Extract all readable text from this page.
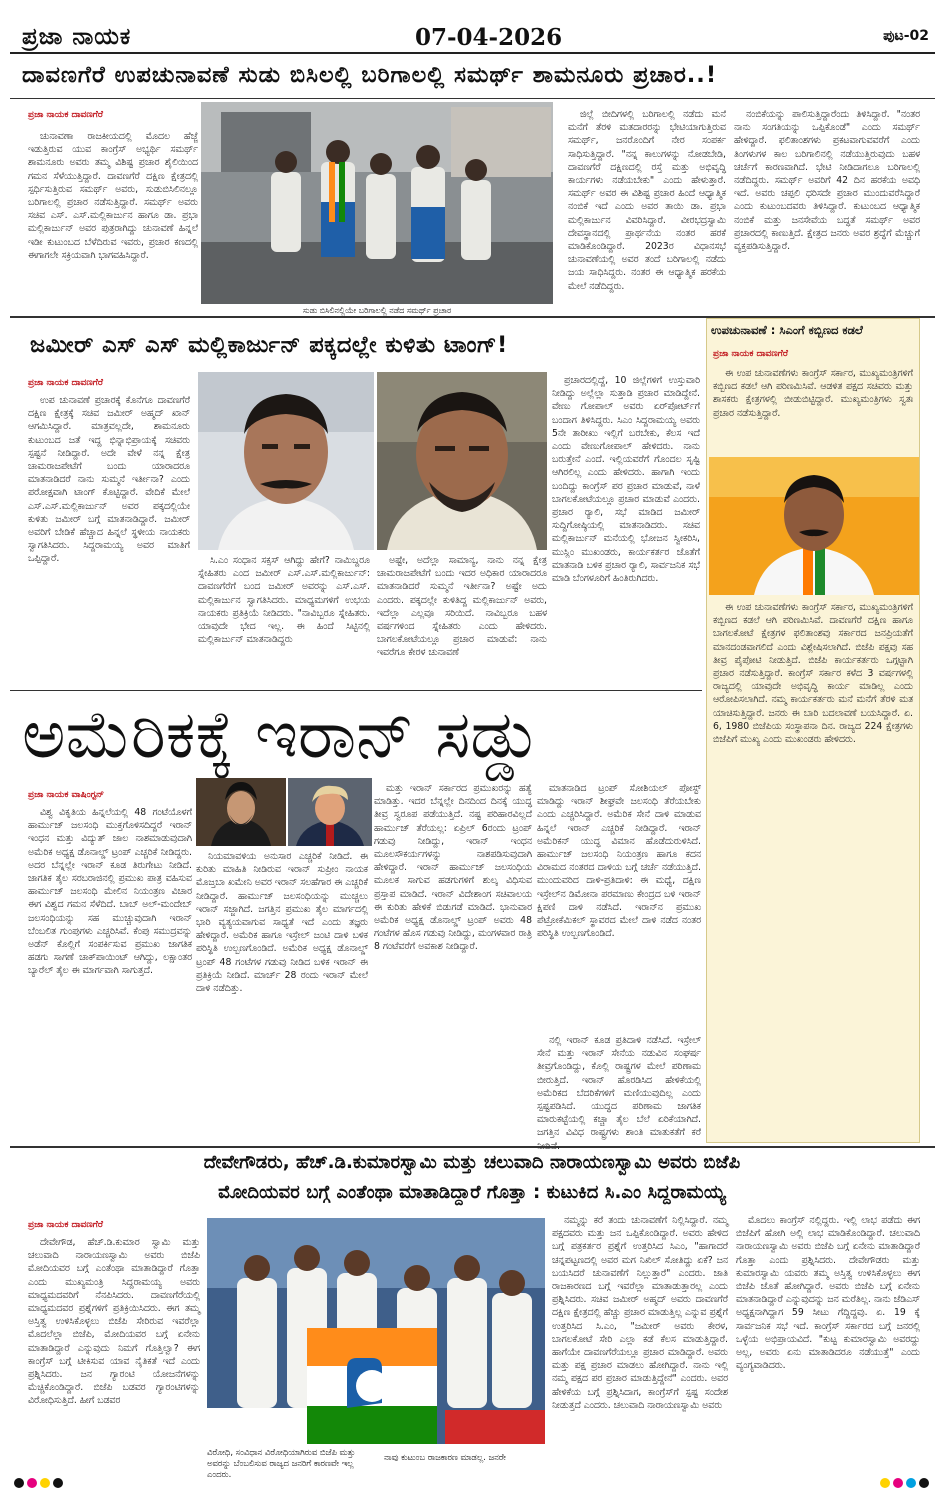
ಪ್ರಜಾ ನಾಯಕ	07-04-2026	ಪುಟ-02
ದಾವಣಗೆರೆ ಉಪಚುನಾವಣೆ ಸುಡು ಬಿಸಿಲಲ್ಲಿ ಬರಿಗಾಲಲ್ಲಿ ಸಮರ್ಥ್ ಶಾಮನೂರು ಪ್ರಚಾರ..!
ಪ್ರಜಾ ನಾಯಕ ದಾವಣಗೆರೆ

ಚುನಾವಣಾ ರಾಜಕೀಯದಲ್ಲಿ ಮೊದಲ ಹೆಜ್ಜೆ ಇಡುತ್ತಿರುವ ಯುವ ಕಾಂಗ್ರೆಸ್ ಅಭ್ಯರ್ಥಿ ಸಮರ್ಥ್ ಶಾಮನೂರು ಅವರು ತಮ್ಮ ವಿಶಿಷ್ಟ ಪ್ರಚಾರ ಶೈಲಿಯಿಂದ ಗಮನ ಸೆಳೆಯುತ್ತಿದ್ದಾರೆ. ದಾವಣಗೆರೆ ದಕ್ಷಿಣ ಕ್ಷೇತ್ರದಲ್ಲಿ ಸ್ಪರ್ಧಿಸುತ್ತಿರುವ ಸಮರ್ಥ್ ಅವರು, ಸುಡುಬಿಸಿಲಿನಲ್ಲೂ ಬರಿಗಾಲಲ್ಲಿ ಪ್ರಚಾರ ನಡೆಸುತ್ತಿದ್ದಾರೆ. ಸಮರ್ಥ್ ಅವರು ಸಚಿವ ಎಸ್. ಎಸ್.ಮಲ್ಲಿಕಾರ್ಜುನ ಹಾಗೂ ಡಾ. ಪ್ರಭಾ ಮಲ್ಲಿಕಾರ್ಜುನ್ ಅವರ ಪುತ್ರರಾಗಿದ್ದು ಚುನಾವಣೆ ಹಿನ್ನಲೆ ಇಡೀ ಕುಟುಂಬದ ಬೆಳೆದಿರುವ ಇವರು, ಪ್ರಚಾರ ಕಣದಲ್ಲಿ ಈಗಾಗಲೇ ಸಕ್ರಿಯವಾಗಿ ಭಾಗವಹಿಸಿದ್ದಾರೆ.

ಸುಡು ಬಿಸಿಲಿನಲ್ಲಿಯೇ ಬರಿಗಾಲಲ್ಲಿ ನಡೆದ ಸಮರ್ಥ್ ಪ್ರಚಾರ

ಜಿಲ್ಲೆ ಬೀದಿಗಳಲ್ಲಿ ಬರಿಗಾಲಲ್ಲಿ ನಡೆದು ಮನೆ ಮನೆಗೆ ತೆರಳಿ ಮತದಾರರನ್ನು ಭೇಟಿಯಾಗುತ್ತಿರುವ ಸಮರ್ಥ್, ಜನರೊಂದಿಗೆ ನೇರ ಸಂಪರ್ಕ ಸಾಧಿಸುತ್ತಿದ್ದಾರೆ. "ನನ್ನ ಕಾಲುಗಳನ್ನು ನೋಡಬೇಡಿ, ದಾವಣಗೆರೆ ದಕ್ಷಿಣದಲ್ಲಿ ರಸ್ತೆ ಮತ್ತು ಅಭಿವೃದ್ಧಿ ಕಾರ್ಯಗಳು ನಡೆಯಬೇಕು" ಎಂದು ಹೇಳುತ್ತಾರೆ. ಸಮರ್ಥ್ ಅವರ ಈ ವಿಶಿಷ್ಟ ಪ್ರಚಾರ ಹಿಂದೆ ಆಧ್ಯಾತ್ಮಿಕ ನಂಬಿಕೆ ಇದೆ ಎಂದು ಅವರ ತಾಯಿ ಡಾ. ಪ್ರಭಾ ಮಲ್ಲಿಕಾರ್ಜುನ ವಿವರಿಸಿದ್ದಾರೆ. ವೀರಭದ್ರಸ್ವಾಮಿ ದೇವಸ್ಥಾನದಲ್ಲಿ ಪ್ರಾರ್ಥನೆಯ ನಂತರ ಹರಕೆ ಮಾಡಿಕೊಂಡಿದ್ದಾರೆ. 2023ರ ವಿಧಾನಸಭೆ ಚುನಾವಣೆಯಲ್ಲಿ ಅವರ ತಂದೆ ಬರಿಗಾಲಲ್ಲಿ ನಡೆದು ಜಯ ಸಾಧಿಸಿದ್ದರು. ನಂತರ ಈ ಆಧ್ಯಾತ್ಮಿಕ ಹರಕೆಯ ಮೇಲೆ ನಡೆದಿದ್ದರು.

ನಂಬಿಕೆಯನ್ನು ಪಾಲಿಸುತ್ತಿದ್ದಾರೆಂದು ತಿಳಿಸಿದ್ದಾರೆ. "ನಂತರ ನಾನು ಸಂಗತಿಯನ್ನು ಒಪ್ಪಿಕೊಂಡೆ" ಎಂದು ಸಮರ್ಥ್ ಹೇಳಿದ್ದಾರೆ. ಫಲಿತಾಂಶಗಳು ಪ್ರಕಟವಾಗುವವರೆಗೆ ಎಂದು ತಿಂಗಳುಗಳ ಕಾಲ ಬರಿಗಾಲಿನಲ್ಲಿ ನಡೆಯುತ್ತಿರುವುದು ಬಹಳ ಚರ್ಚೆಗೆ ಕಾರಣವಾಗಿದೆ. ಭೇಟಿ ನೀಡಿದಾಗಲೂ ಬರಿಗಾಲಲ್ಲಿ ನಡೆದಿದ್ದರು. ಸಮರ್ಥ್ ಅವರಿಗೆ 42 ದಿನ ಹರಕೆಯ ಅವಧಿ ಇದೆ. ಅವರು ಚಪ್ಪಲಿ ಧರಿಸದೇ ಪ್ರಚಾರ ಮುಂದುವರೆಸಿದ್ದಾರೆ ಎಂದು ಕುಟುಂಬದವರು ತಿಳಿಸಿದ್ದಾರೆ. ಕುಟುಂಬದ ಆಧ್ಯಾತ್ಮಿಕ ನಂಬಿಕೆ ಮತ್ತು ಜನಸೇವೆಯ ಬದ್ಧತೆ ಸಮರ್ಥ್ ಅವರ ಪ್ರಚಾರದಲ್ಲಿ ಕಾಣುತ್ತಿದೆ. ಕ್ಷೇತ್ರದ ಜನರು ಅವರ ಶ್ರದ್ಧೆಗೆ ಮೆಚ್ಚುಗೆ ವ್ಯಕ್ತಪಡಿಸುತ್ತಿದ್ದಾರೆ.

ಜಮೀರ್ ಎಸ್ ಎಸ್ ಮಲ್ಲಿಕಾರ್ಜುನ್ ಪಕ್ಕದಲ್ಲೇ ಕುಳಿತು ಟಾಂಗ್!
ಪ್ರಜಾ ನಾಯಕ ದಾವಣಗೆರೆ

ಉಪ ಚುನಾವಣೆ ಪ್ರಚಾರಕ್ಕೆ ಕೊನೆಗೂ ದಾವಣಗೆರೆ ದಕ್ಷಿಣ ಕ್ಷೇತ್ರಕ್ಕೆ ಸಚಿವ ಜಮೀರ್ ಅಹ್ಮದ್ ಖಾನ್ ಆಗಮಿಸಿದ್ದಾರೆ. ಮಾತ್ರವಲ್ಲದೇ, ಶಾಮನೂರು ಕುಟುಂಬದ ಜತೆ ಇದ್ದ ಭಿನ್ನಾಭಿಪ್ರಾಯಕ್ಕೆ ಸಚಿವರು ಸ್ಪಷ್ಟನೆ ನೀಡಿದ್ದಾರೆ. ಅದೇ ವೇಳೆ ನನ್ನ ಕ್ಷೇತ್ರ ಚಾಮರಾಜಪೇಟೆಗೆ ಬಂದು ಯಾರಾದರೂ ಮಾತನಾಡಿದರೆ ನಾನು ಸುಮ್ಮನೆ ಇರ್ತೀನಾ? ಎಂದು ಪರೋಕ್ಷವಾಗಿ ಟಾಂಗ್ ಕೊಟ್ಟಿದ್ದಾರೆ. ವೇದಿಕೆ ಮೇಲೆ ಎಸ್.ಎಸ್.ಮಲ್ಲಿಕಾರ್ಜುನ್ ಅವರ ಪಕ್ಕದಲ್ಲಿಯೇ ಕುಳಿತು ಜಮೀರ್ ಬಗ್ಗೆ ಮಾತನಾಡಿದ್ದಾರೆ. ಜಮೀರ್ ಅವರಿಗೆ ಬೇಡಿಕೆ ಹೆಚ್ಚಾದ ಹಿನ್ನಲೆ ಸ್ಥಳೀಯ ನಾಯಕರು ಸ್ವಾಗತಿಸಿದರು. ಸಿದ್ದರಾಮಯ್ಯ ಅವರ ಮಾತಿಗೆ ಒಪ್ಪಿದ್ದಾರೆ.	ಸಿ.ಎಂ ಸಂಧಾನ ಸಕ್ಸಸ್ ಆಗಿದ್ದು ಹೇಗೆ? ನಾಮಿಬ್ದರೂ ಸ್ನೇಹಿತರು ಎಂದ ಜಮೀರ್ ಎಸ್.ಎಸ್.ಮಲ್ಲಿಕಾರ್ಜುನ್: ದಾವಣಗೆರೆಗೆ ಬಂದ ಜಮೀರ್ ಅವರನ್ನು ಎಸ್.ಎಸ್. ಮಲ್ಲಿಕಾರ್ಜುನ ಸ್ವಾಗತಿಸಿದರು. ಮಾಧ್ಯಮಗಳಿಗೆ ಉಭಯ ನಾಯಕರು ಪ್ರತಿಕ್ರಿಯೆ ನೀಡಿದರು. "ನಾವಿಬ್ಬರೂ ಸ್ನೇಹಿತರು. ಯಾವುದೇ ಭೇದ ಇಲ್ಲ. ಈ ಹಿಂದೆ ಸಿಟ್ಟಿನಲ್ಲಿ ಮಲ್ಲಿಕಾರ್ಜುನ್ ಮಾತನಾಡಿದ್ದರು

ಅಷ್ಟೇ, ಅದೆಲ್ಲಾ ಸಾಮಾನ್ಯ, ನಾನು ನನ್ನ ಕ್ಷೇತ್ರ ಚಾಮರಾಜಪೇಟೆಗೆ ಬಂದು ಇದರ ಅಧಿಕಾರ ಯಾರಾದರೂ ಮಾತನಾಡಿದರೆ ಸುಮ್ಮನೆ ಇರ್ತೀನಾ? ಅಷ್ಟೇ ಅದು ಎಂದರು. ಪಕ್ಕದಲ್ಲೇ ಕುಳಿತಿದ್ದ ಮಲ್ಲಿಕಾರ್ಜುನ್ ಅವರು, ಇದೆಲ್ಲಾ ಎಲ್ಲವೂ ಸರಿಯಿದೆ. ನಾವಿಬ್ಬರೂ ಬಹಳ ವರ್ಷಗಳಿಂದ ಸ್ನೇಹಿತರು ಎಂದು ಹೇಳಿದರು. ಬಾಗಲಕೋಟೆಯಲ್ಲೂ ಪ್ರಚಾರ ಮಾಡುವೆ: ನಾನು ಇವರೆಗೂ ಕೇರಳ ಚುನಾವಣೆ

ಪ್ರಚಾರದಲ್ಲಿದ್ದೆ, 10 ಜಿಲ್ಲೆಗಳಿಗೆ ಉಸ್ತುವಾರಿ ನೀಡಿದ್ದು ಅಲ್ಲೆಲ್ಲಾ ಸುತ್ತಾಡಿ ಪ್ರಚಾರ ಮಾಡಿದ್ದೇನೆ. ವೇಣು ಗೋಪಾಲ್ ಅವರು ಏರ್‌ಪೋರ್ಟ್‌ಗೆ ಬಂದಾಗ ತಿಳಿಸಿದ್ದರು. ಸಿಎಂ ಸಿದ್ದರಾಮಯ್ಯ ಅವರು 5ನೇ ತಾರೀಖು ಇಲ್ಲಿಗೆ ಬರಬೇಕು, ಕೆಲಸ ಇದೆ ಎಂದು ವೇಣುಗೋಪಾಲ್ ಹೇಳಿದರು. ನಾನು ಬರುತ್ತೇನೆ ಎಂದೆ. ಇಲ್ಲಿಯವರೆಗೆ ಗೊಂದಲ ಸೃಷ್ಟಿ ಆಗಿರಲಿಲ್ಲ ಎಂದು ಹೇಳಿದರು. ಹಾಗಾಗಿ ಇಂದು ಬಂದಿದ್ದು ಕಾಂಗ್ರೆಸ್ ಪರ ಪ್ರಚಾರ ಮಾಡುವೆ, ನಾಳೆ ಬಾಗಲಕೋಟೆಯಲ್ಲೂ ಪ್ರಚಾರ ಮಾಡುವೆ ಎಂದರು. ಪ್ರಚಾರ ರ್‍ಯಾಲಿ, ಸಭೆ ಮಾಡಿದ ಜಮೀರ್ ಸುದ್ದಿಗೋಷ್ಠಿಯಲ್ಲಿ ಮಾತನಾಡಿದರು. ಸಚಿವ ಮಲ್ಲಿಕಾರ್ಜುನ್ ಮನೆಯಲ್ಲಿ ಭೋಜನ ಸ್ವೀಕರಿಸಿ, ಮುಸ್ಲಿಂ ಮುಖಂಡರು, ಕಾರ್ಯಕರ್ತರ ಜೊತೆಗೆ ಮಾತನಾಡಿ ಬಳಿಕ ಪ್ರಚಾರ ರ್‍ಯಾಲಿ, ಸಾರ್ವಜನಿಕ ಸಭೆ ಮಾಡಿ ಬೆಂಗಳೂರಿಗೆ ಹಿಂತಿರುಗಿದರು.

ಉಪಚುನಾವಣೆ : ಸಿಎಂಗೆ ಕಬ್ಬಿಣದ ಕಡಲೆ
ಪ್ರಜಾ ನಾಯಕ ದಾವಣಗೆರೆ

ಈ ಉಪ ಚುನಾವಣೆಗಳು ಕಾಂಗ್ರೆಸ್ ಸರ್ಕಾರ, ಮುಖ್ಯಮಂತ್ರಿಗಳಿಗೆ ಕಬ್ಬಿಣದ ಕಡಲೆ ಆಗಿ ಪರಿಣಮಿಸಿವೆ. ಆಡಳಿತ ಪಕ್ಷದ ಸಚಿವರು ಮತ್ತು ಶಾಸಕರು ಕ್ಷೇತ್ರಗಳಲ್ಲಿ ಬೀಡುಬಿಟ್ಟಿದ್ದಾರೆ. ಮುಖ್ಯಮಂತ್ರಿಗಳು ಸ್ವತಃ ಪ್ರಚಾರ ನಡೆಸುತ್ತಿದ್ದಾರೆ.

ಈ ಉಪ ಚುನಾವಣೆಗಳು ಕಾಂಗ್ರೆಸ್ ಸರ್ಕಾರ, ಮುಖ್ಯಮಂತ್ರಿಗಳಿಗೆ ಕಬ್ಬಿಣದ ಕಡಲೆ ಆಗಿ ಪರಿಣಮಿಸಿವೆ. ದಾವಣಗೆರೆ ದಕ್ಷಿಣ ಹಾಗೂ ಬಾಗಲಕೋಟೆ ಕ್ಷೇತ್ರಗಳ ಫಲಿತಾಂಶವು ಸರ್ಕಾರದ ಜನಪ್ರಿಯತೆಗೆ ಮಾನದಂಡವಾಗಲಿದೆ ಎಂದು ವಿಶ್ಲೇಷಿಸಲಾಗಿದೆ. ಬಿಜೆಪಿ ಪಕ್ಷವು ಸಹ ತೀವ್ರ ಪೈಪೋಟಿ ನೀಡುತ್ತಿದೆ. ಬಿಜೆಪಿ ಕಾರ್ಯಕರ್ತರು ಒಗ್ಗಟ್ಟಾಗಿ ಪ್ರಚಾರ ನಡೆಸುತ್ತಿದ್ದಾರೆ. ಕಾಂಗ್ರೆಸ್ ಸರ್ಕಾರ ಕಳೆದ 3 ವರ್ಷಗಳಲ್ಲಿ ರಾಜ್ಯದಲ್ಲಿ ಯಾವುದೇ ಅಭಿವೃದ್ಧಿ ಕಾರ್ಯ ಮಾಡಿಲ್ಲ ಎಂದು ಆರೋಪಿಸಲಾಗಿದೆ. ನಮ್ಮ ಕಾರ್ಯಕರ್ತರು ಮನೆ ಮನೆಗೆ ತೆರಳಿ ಮತ ಯಾಚಿಸುತ್ತಿದ್ದಾರೆ. ಜನರು ಈ ಬಾರಿ ಬದಲಾವಣೆ ಬಯಸಿದ್ದಾರೆ. ಏ. 6, 1980 ಬಿಜೆಪಿಯ ಸಂಸ್ಥಾಪನಾ ದಿನ. ರಾಜ್ಯದ 224 ಕ್ಷೇತ್ರಗಳು ಬಿಜೆಪಿಗೆ ಮುಖ್ಯ ಎಂದು ಮುಖಂಡರು ಹೇಳಿದರು.

ಅಮೆರಿಕಕ್ಕೆ ಇರಾನ್ ಸಡ್ಡು
ಪ್ರಜಾ ನಾಯಕ ವಾಷಿಂಗ್ಟನ್

ವಿಶ್ವ ವಿಕೃತಿಯ ಹಿನ್ನಲೆಯಲ್ಲಿ 48 ಗಂಟೆಯೊಳಗೆ ಹಾರ್ಮುಜ್ ಜಲಸಂಧಿ ಮುಕ್ತಗೊಳಿಸದಿದ್ದರೆ ಇರಾನ್ ಇಂಧನ ಮತ್ತು ವಿದ್ಯುತ್ ಜಾಲ ನಾಶಮಾಡುವುದಾಗಿ ಅಮೆರಿಕ ಅಧ್ಯಕ್ಷ ಡೊನಾಲ್ಡ್ ಟ್ರಂಪ್ ಎಚ್ಚರಿಕೆ ನೀಡಿದ್ದರು. ಅದರ ಬೆನ್ನಲ್ಲೇ ಇರಾನ್ ಕೂಡ ತಿರುಗೇಟು ನೀಡಿದೆ. ಜಾಗತಿಕ ತೈಲ ಸರಬರಾಜಿನಲ್ಲಿ ಪ್ರಮುಖ ಪಾತ್ರ ವಹಿಸುವ ಹಾರ್ಮುಜ್ ಜಲಸಂಧಿ ಮೇಲಿನ ನಿಯಂತ್ರಣ ವಿಚಾರ ಈಗ ವಿಶ್ವದ ಗಮನ ಸೆಳೆದಿದೆ. ಬಾಬ್ ಅಲ್-ಮಂದೇಬ್ ಜಲಸಂಧಿಯನ್ನು ಸಹ ಮುಚ್ಚುವುದಾಗಿ ಇರಾನ್ ಬೆಂಬಲಿತ ಗುಂಪುಗಳು ಎಚ್ಚರಿಸಿವೆ. ಕೆಂಪು ಸಮುದ್ರವನ್ನು ಅಡೆನ್ ಕೊಲ್ಲಿಗೆ ಸಂಪರ್ಕಿಸುವ ಪ್ರಮುಖ ಜಾಗತಿಕ ಹಡಗು ಸಾಗಣೆ ಚಾಕ್‌ಪಾಯಿಂಟ್ ಆಗಿದ್ದು, ಲಕ್ಷಾಂತರ ಬ್ಯಾರೆಲ್ ತೈಲ ಈ ಮಾರ್ಗವಾಗಿ ಸಾಗುತ್ತದೆ.

ನಿಯಮಾವಳಿಯ ಅನುಸಾರ ಎಚ್ಚರಿಕೆ ನೀಡಿದೆ. ಈ ಕುರಿತು ಮಾಹಿತಿ ನೀಡಿರುವ ಇರಾನ್ ಸುಪ್ರೀಂ ನಾಯಕ ಮೊಜ್ತಬಾ ಖಮೇನಿ ಅವರ ಇರಾನ್ ಸಲಹೆಗಾರ ಈ ಎಚ್ಚರಿಕೆ ನೀಡಿದ್ದಾರೆ. ಹಾರ್ಮುಜ್ ಜಲಸಂಧಿಯನ್ನು ಮುಚ್ಚಲು ಇರಾನ್ ಸಜ್ಜಾಗಿದೆ. ಜಗತ್ತಿನ ಪ್ರಮುಖ ತೈಲ ಮಾರ್ಗದಲ್ಲಿ ಭಾರಿ ವ್ಯತ್ಯಯವಾಗುವ ಸಾಧ್ಯತೆ ಇದೆ ಎಂದು ತಜ್ಞರು ಹೇಳಿದ್ದಾರೆ. ಅಮೆರಿಕ ಹಾಗೂ ಇಸ್ರೇಲ್ ಜಂಟಿ ದಾಳಿ ಬಳಿಕ ಪರಿಸ್ಥಿತಿ ಉಲ್ಬಣಗೊಂಡಿದೆ. ಅಮೆರಿಕ ಅಧ್ಯಕ್ಷ ಡೊನಾಲ್ಡ್ ಟ್ರಂಪ್ 48 ಗಂಟೆಗಳ ಗಡುವು ನೀಡಿದ ಬಳಿಕ ಇರಾನ್ ಈ ಪ್ರತಿಕ್ರಿಯೆ ನೀಡಿದೆ. ಮಾರ್ಚ್ 28 ರಂದು ಇರಾನ್ ಮೇಲೆ ದಾಳಿ ನಡೆದಿತ್ತು.

ಮತ್ತು ಇರಾನ್ ಸರ್ಕಾರದ ಪ್ರಮುಖರನ್ನು ಹತ್ಯೆ ಮಾಡಿತ್ತು. ಇದರ ಬೆನ್ನಲ್ಲೇ ದಿನದಿಂದ ದಿನಕ್ಕೆ ಯುದ್ಧ ತೀವ್ರ ಸ್ವರೂಪ ಪಡೆಯುತ್ತಿದೆ. ನಷ್ಟ ಪರಿಹಾರವಿಲ್ಲದೆ ಹಾರ್ಮುಜ್ ತೆರೆಯಲ್ಲ: ಏಪ್ರಿಲ್ 6ರಂದು ಟ್ರಂಪ್ ಗಡುವು ನೀಡಿದ್ದು, ಇರಾನ್ ಇಂಧನ ಮೂಲಸೌಕರ್ಯಗಳನ್ನು ನಾಶಪಡಿಸುವುದಾಗಿ ಹೇಳಿದ್ದಾರೆ. ಇರಾನ್ ಹಾರ್ಮುಜ್ ಜಲಸಂಧಿಯ ಮೂಲಕ ಸಾಗುವ ಹಡಗುಗಳಿಗೆ ಶುಲ್ಕ ವಿಧಿಸುವ ಪ್ರಸ್ತಾಪ ಮಾಡಿದೆ. ಇರಾನ್ ವಿದೇಶಾಂಗ ಸಚಿವಾಲಯ ಈ ಕುರಿತು ಹೇಳಿಕೆ ಬಿಡುಗಡೆ ಮಾಡಿದೆ. ಭಾನುವಾರ ಅಮೆರಿಕ ಅಧ್ಯಕ್ಷ ಡೊನಾಲ್ಡ್ ಟ್ರಂಪ್ ಅವರು 48 ಗಂಟೆಗಳ ಹೊಸ ಗಡುವು ನೀಡಿದ್ದು, ಮಂಗಳವಾರ ರಾತ್ರಿ 8 ಗಂಟೆವರೆಗೆ ಅವಕಾಶ ನೀಡಿದ್ದಾರೆ.

ಮಾತನಾಡಿದ ಟ್ರಂಪ್ ಸೋಶಿಯಲ್ ಪೋಸ್ಟ್ ಮಾಡಿದ್ದು ಇರಾನ್ ಶೀಘ್ರವೇ ಜಲಸಂಧಿ ತೆರೆಯಬೇಕು ಎಂದು ಎಚ್ಚರಿಸಿದ್ದಾರೆ. ಅಮೆರಿಕ ಸೇನೆ ದಾಳಿ ಮಾಡುವ ಹಿನ್ನಲೆ ಇರಾನ್ ಎಚ್ಚರಿಕೆ ನೀಡಿದ್ದಾರೆ. ಇರಾನ್ ಅಮೆರಿಕನ್ ಯುದ್ಧ ವಿಮಾನ ಹೊಡೆದುರುಳಿಸಿದೆ. ಹಾರ್ಮುಜ್ ಜಲಸಂಧಿ ನಿಯಂತ್ರಣ ಹಾಗೂ ಕದನ ವಿರಾಮದ ನಂತರದ ದಾಳಿಯ ಬಗ್ಗೆ ಚರ್ಚೆ ನಡೆಯುತ್ತಿದೆ. ಮುಂದುವರಿದ ದಾಳಿ-ಪ್ರತಿದಾಳಿ: ಈ ಮಧ್ಯೆ, ದಕ್ಷಿಣ ಇಸ್ರೇಲ್‌ನ ಡಿಮೋನಾ ಪರಮಾಣು ಕೇಂದ್ರದ ಬಳಿ ಇರಾನ್ ಕ್ಷಿಪಣಿ ದಾಳಿ ನಡೆಸಿದೆ. ಇರಾನ್‌ನ ಪ್ರಮುಖ ಪೆಟ್ರೋಕೆಮಿಕಲ್ ಸ್ಥಾವರದ ಮೇಲೆ ದಾಳಿ ನಡೆದ ನಂತರ ಪರಿಸ್ಥಿತಿ ಉಲ್ಬಣಗೊಂಡಿದೆ.

ನಲ್ಲಿ ಇರಾನ್ ಕೂಡ ಪ್ರತಿದಾಳಿ ನಡೆಸಿದೆ. ಇಸ್ರೇಲ್ ಸೇನೆ ಮತ್ತು ಇರಾನ್ ಸೇನೆಯ ನಡುವಿನ ಸಂಘರ್ಷ ತೀವ್ರಗೊಂಡಿದ್ದು, ಕೊಲ್ಲಿ ರಾಷ್ಟ್ರಗಳ ಮೇಲೆ ಪರಿಣಾಮ ಬೀರುತ್ತಿದೆ. ಇರಾನ್ ಹೊರಡಿಸಿದ ಹೇಳಿಕೆಯಲ್ಲಿ ಅಮೆರಿಕದ ಬೆದರಿಕೆಗಳಿಗೆ ಮಣಿಯುವುದಿಲ್ಲ ಎಂದು ಸ್ಪಷ್ಟಪಡಿಸಿದೆ. ಯುದ್ಧದ ಪರಿಣಾಮ ಜಾಗತಿಕ ಮಾರುಕಟ್ಟೆಯಲ್ಲಿ ಕಚ್ಚಾ ತೈಲ ಬೆಲೆ ಏರಿಕೆಯಾಗಿದೆ. ಜಗತ್ತಿನ ವಿವಿಧ ರಾಷ್ಟ್ರಗಳು ಶಾಂತಿ ಮಾತುಕತೆಗೆ ಕರೆ

ದೇವೇಗೌಡರು, ಹೆಚ್.ಡಿ.ಕುಮಾರಸ್ವಾಮಿ ಮತ್ತು ಚಲುವಾದಿ ನಾರಾಯಣಸ್ವಾಮಿ ಅವರು ಬಿಜೆಪಿ
ಮೋದಿಯವರ ಬಗ್ಗೆ ಎಂತೆಂಥಾ ಮಾತಾಡಿದ್ದಾರೆ ಗೊತ್ತಾ : ಕುಟುಕಿದ ಸಿ.ಎಂ ಸಿದ್ದರಾಮಯ್ಯ
ಪ್ರಜಾ ನಾಯಕ ದಾವಣಗೆರೆ

ದೇವೇಗೌಡ, ಹೆಚ್.ಡಿ.ಕುಮಾರ ಸ್ವಾಮಿ ಮತ್ತು ಚಲುವಾದಿ ನಾರಾಯಣಸ್ವಾಮಿ ಅವರು ಬಿಜೆಪಿ ಮೋದಿಯವರ ಬಗ್ಗೆ ಎಂತೆಂಥಾ ಮಾತಾಡಿದ್ದಾರೆ ಗೊತ್ತಾ ಎಂದು ಮುಖ್ಯಮಂತ್ರಿ ಸಿದ್ದರಾಮಯ್ಯ ಅವರು ಮಾಧ್ಯಮದವರಿಗೆ ನೆನಪಿಸಿದರು. ದಾವಣಗೆರೆಯಲ್ಲಿ ಮಾಧ್ಯಮದವರ ಪ್ರಶ್ನೆಗಳಿಗೆ ಪ್ರತಿಕ್ರಿಯಿಸಿದರು. ಈಗ ತಮ್ಮ ಅಸ್ತಿತ್ವ ಉಳಿಸಿಕೊಳ್ಳಲು ಬಿಜೆಪಿ ಸೇರಿರುವ ಇವರೆಲ್ಲಾ ಮೊದಲೆಲ್ಲಾ ಬಿಜೆಪಿ, ಮೋದಿಯವರ ಬಗ್ಗೆ ಏನೇನು ಮಾತಾಡಿದ್ದಾರೆ ಎನ್ನುವುದು ನಿಮಗೆ ಗೊತ್ತಿಲ್ವಾ? ಈಗ ಕಾಂಗ್ರೆಸ್ ಬಗ್ಗೆ ಟೀಕಿಸುವ ಯಾವ ನೈತಿಕತೆ ಇದೆ ಎಂದು ಪ್ರಶ್ನಿಸಿದರು. ಜನ ಗ್ಯಾರಂಟಿ ಯೋಜನೆಗಳನ್ನು ಮೆಚ್ಚಿಕೊಂಡಿದ್ದಾರೆ. ಬಿಜೆಪಿ ಬಡವರ ಗ್ಯಾರಂಟಿಗಳನ್ನು ವಿರೋಧಿಸುತ್ತಿದೆ. ಹೀಗೆ ಬಡವರ

ವಿರೋಧಿ, ಸಂವಿಧಾನ ವಿರೋಧಿಯಾಗಿರುವ ಬಿಜೆಪಿ ಮತ್ತು ಅವರನ್ನು ಬೆಂಬಲಿಸುವ ರಾಜ್ಯದ ಜನರಿಗೆ ಕಾರಣವೇ ಇಲ್ಲ ಎಂದರು.
ನಾವು ಕುಟುಂಬ ರಾಜಕಾರಣ ಮಾಡಲ್ಲ. ಜನರೇ

ನಮ್ಮನ್ನು ಕರೆ ತಂದು ಚುನಾವಣೆಗೆ ನಿಲ್ಲಿಸಿದ್ದಾರೆ. ನಮ್ಮ ಪಕ್ಷದವರು ಮತ್ತು ಜನ ಒಪ್ಪಿಕೊಂಡಿದ್ದಾರೆ. ಅವರು ಹೇಳಿದ ಬಗ್ಗೆ ಪತ್ರಕರ್ತರ ಪ್ರಶ್ನೆಗೆ ಉತ್ತರಿಸಿದ ಸಿಎಂ, "ಹಾಗಾದರೆ ಚನ್ನಪಟ್ಟಣದಲ್ಲಿ ಅವರ ಮಗ ನಿಖಿಲ್ ಸೋತಿದ್ದು ಏಕೆ? ಜನ ಬಯಸಿದರೆ ಚುನಾವಣೆಗೆ ನಿಲ್ಲುತ್ತಾರೆ" ಎಂದರು. ಜಾತಿ ರಾಜಕಾರಣದ ಬಗ್ಗೆ ಇವರೆಲ್ಲಾ ಮಾತಾಡುತ್ತಾರಲ್ಲ ಎಂದು ಪ್ರಶ್ನಿಸಿದರು. ಸಚಿವ ಜಮೀರ್ ಅಹ್ಮದ್ ಅವರು ದಾವಣಗೆರೆ ದಕ್ಷಿಣ ಕ್ಷೇತ್ರದಲ್ಲಿ ಹೆಚ್ಚು ಪ್ರಚಾರ ಮಾಡುತ್ತಿಲ್ಲ ಎನ್ನುವ ಪ್ರಶ್ನೆಗೆ ಉತ್ತರಿಸಿದ ಸಿ.ಎಂ, "ಜಮೀರ್ ಅವರು ಕೇರಳ, ಬಾಗಲಕೋಟೆ ಸೇರಿ ಎಲ್ಲಾ ಕಡೆ ಕೆಲಸ ಮಾಡುತ್ತಿದ್ದಾರೆ. ಹಾಗೆಯೇ ದಾವಣಗೆರೆಯಲ್ಲೂ ಪ್ರಚಾರ ಮಾಡಿದ್ದಾರೆ. ಅವರು ಮತ್ತು ಪಕ್ಷ ಪ್ರಚಾರ ಮಾಡಲು ಹೋಗಿದ್ದಾರೆ. ನಾನು ಇಲ್ಲಿ ನಮ್ಮ ಪಕ್ಷದ ಪರ ಪ್ರಚಾರ ಮಾಡುತ್ತಿದ್ದೇನೆ" ಎಂದರು. ಅವರ ಹೇಳಿಕೆಯ ಬಗ್ಗೆ ಪ್ರಶ್ನಿಸಿದಾಗ, ಕಾಂಗ್ರೆಸ್‌ಗೆ ಸ್ಪಷ್ಟ ಸಂದೇಶ ನೀಡುತ್ತದೆ ಎಂದರು. ಚಲುವಾದಿ ನಾರಾಯಣಸ್ವಾಮಿ ಅವರು

ಮೊದಲು ಕಾಂಗ್ರೆಸ್ ನಲ್ಲಿದ್ದರು. ಇಲ್ಲಿ ಲಾಭ ಪಡೆದು ಈಗ ಬಿಜೆಪಿಗೆ ಹೋಗಿ ಅಲ್ಲಿ ಲಾಭ ಮಾಡಿಕೊಂಡಿದ್ದಾರೆ. ಚಲುವಾದಿ ನಾರಾಯಣಸ್ವಾಮಿ ಅವರು ಬಿಜೆಪಿ ಬಗ್ಗೆ ಏನೇನು ಮಾತಾಡಿದ್ದಾರೆ ಗೊತ್ತಾ ಎಂದು ಪ್ರಶ್ನಿಸಿದರು. ದೇವೇಗೌಡರು ಮತ್ತು ಕುಮಾರಸ್ವಾಮಿ ಯವರು ತಮ್ಮ ಅಸ್ತಿತ್ವ ಉಳಿಸಿಕೊಳ್ಳಲು ಈಗ ಬಿಜೆಪಿ ಜೊತೆ ಹೋಗಿದ್ದಾರೆ. ಅವರು ಬಿಜೆಪಿ ಬಗ್ಗೆ ಏನೇನು ಮಾತನಾಡಿದ್ದಾರೆ ಎನ್ನುವುದನ್ನು ಜನ ಮರೆತಿಲ್ಲ. ನಾನು ಜೆಡಿಎಸ್ ಅಧ್ಯಕ್ಷನಾಗಿದ್ದಾಗ 59 ಸೀಟು ಗೆದ್ದಿದ್ದವು. ಏ. 19 ಕ್ಕೆ ಸಾರ್ವಜನಿಕ ಸಭೆ ಇದೆ. ಕಾಂಗ್ರೆಸ್ ಸರ್ಕಾರದ ಬಗ್ಗೆ ಜನರಲ್ಲಿ ಒಳ್ಳೆಯ ಅಭಿಪ್ರಾಯವಿದೆ. "ಕುಟ್ಟ ಕುಮಾರಸ್ವಾಮಿ ಅವರದ್ದು ಅಲ್ಲ, ಅವರು ಏನು ಮಾತಾಡಿದರೂ ನಡೆಯುತ್ತೆ" ಎಂದು ವ್ಯಂಗ್ಯವಾಡಿದರು.
